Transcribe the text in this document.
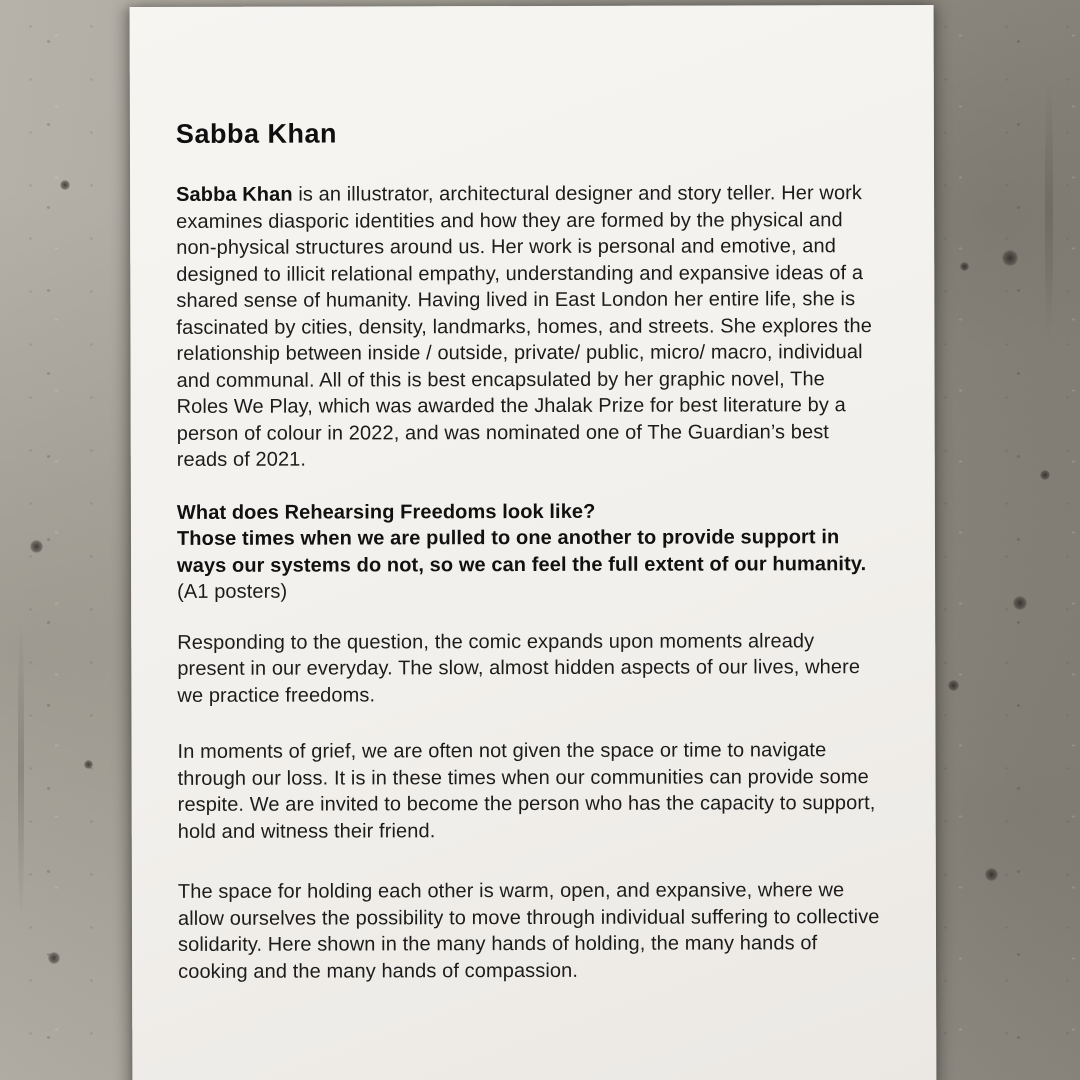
Sabba Khan

Sabba Khan is an illustrator, architectural designer and story teller. Her work examines diasporic identities and how they are formed by the physical and non-physical structures around us. Her work is personal and emotive, and designed to illicit relational empathy, understanding and expansive ideas of a shared sense of humanity. Having lived in East London her entire life, she is fascinated by cities, density, landmarks, homes, and streets. She explores the relationship between inside / outside, private/ public, micro/ macro, individual and communal. All of this is best encapsulated by her graphic novel, The Roles We Play, which was awarded the Jhalak Prize for best literature by a person of colour in 2022, and was nominated one of The Guardian’s best reads of 2021.

What does Rehearsing Freedoms look like?

Those times when we are pulled to one another to provide support in ways our systems do not, so we can feel the full extent of our humanity. (A1 posters)

Responding to the question, the comic expands upon moments already present in our everyday. The slow, almost hidden aspects of our lives, where we practice freedoms.

In moments of grief, we are often not given the space or time to navigate through our loss. It is in these times when our communities can provide some respite. We are invited to become the person who has the capacity to support, hold and witness their friend.

The space for holding each other is warm, open, and expansive, where we allow ourselves the possibility to move through individual suffering to collective solidarity. Here shown in the many hands of holding, the many hands of cooking and the many hands of compassion.
